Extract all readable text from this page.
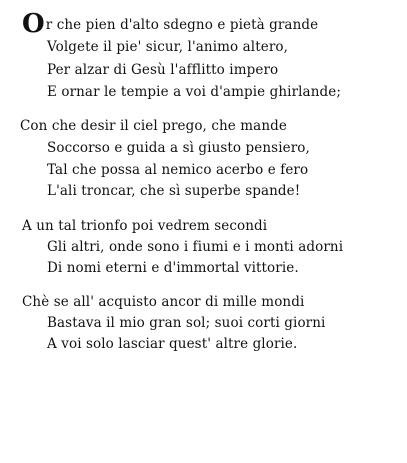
Or che pien d'alto sdegno e pietà grande
Volgete il pie' sicur, l'animo altero,
Per alzar di Gesù l'afflitto impero
E ornar le tempie a voi d'ampie ghirlande;
Con che desir il ciel prego, che mande
Soccorso e guida a sì giusto pensiero,
Tal che possa al nemico acerbo e fero
L'ali troncar, che sì superbe spande!
A un tal trionfo poi vedrem secondi
Gli altri, onde sono i fiumi e i monti adorni
Di nomi eterni e d'immortal vittorie.
Chè se all' acquisto ancor di mille mondi
Bastava il mio gran sol; suoi corti giorni
A voi solo lasciar quest' altre glorie.
